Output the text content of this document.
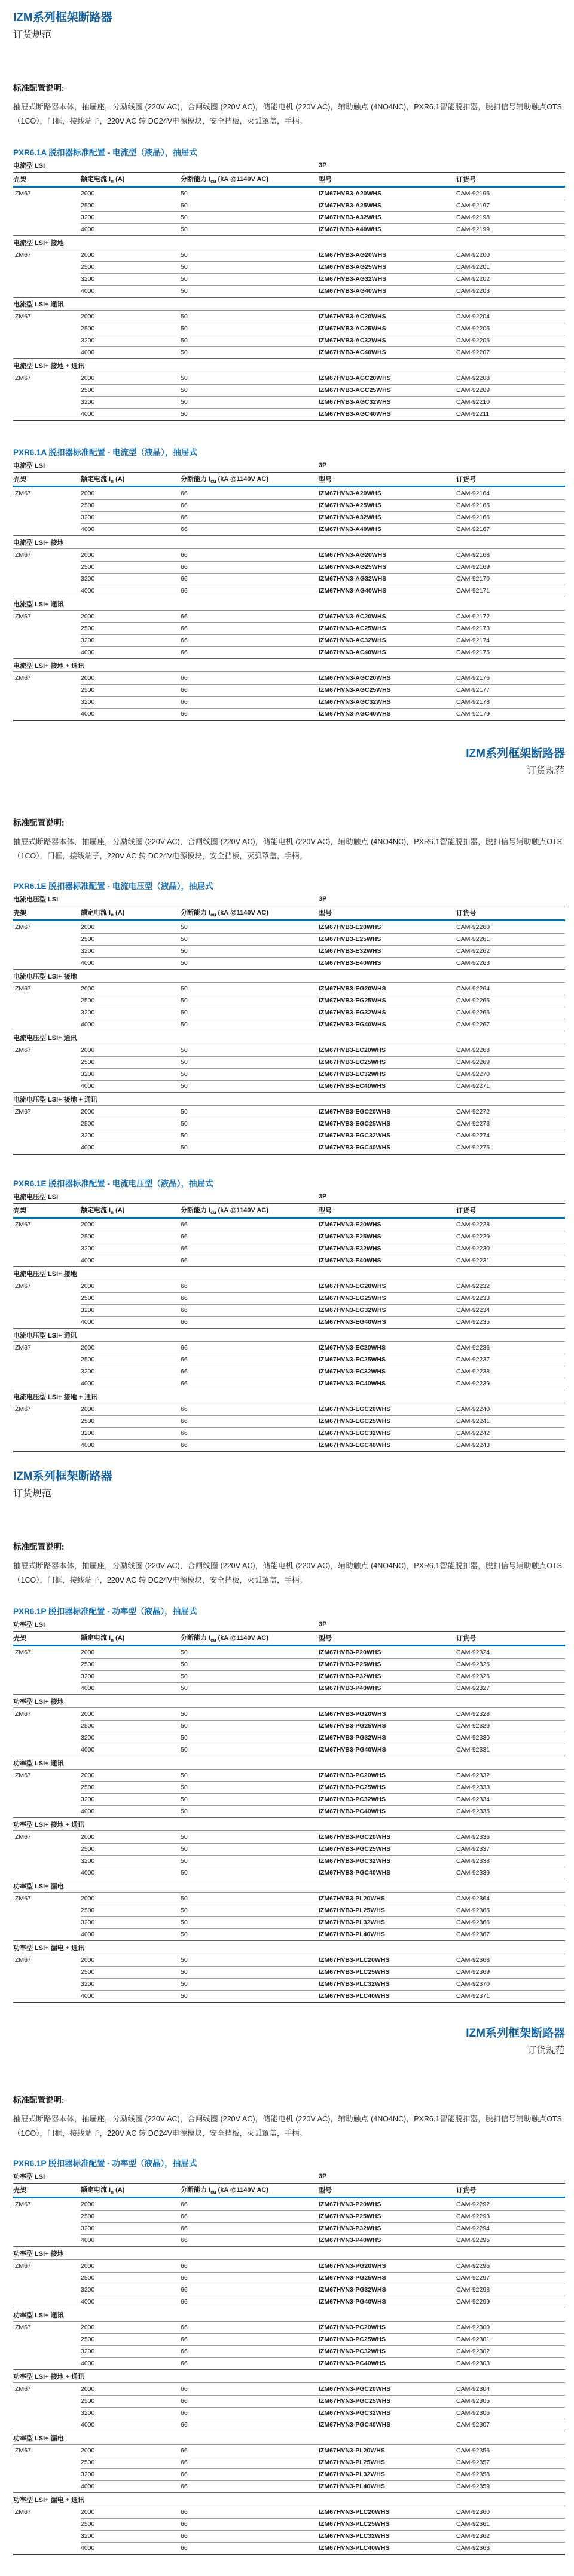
IZM系列框架断路器
订货规范
标准配置说明:
抽屉式断路器本体，抽屉座，分励线圈 (220V AC)，合闸线圈 (220V AC)，储能电机 (220V AC)，辅助触点 (4NO4NC)，PXR6.1智能脱扣器，脱扣信号辅助触点OTS（1CO），门框，接线端子，220V AC 转 DC24V电源模块，安全挡板，灭弧罩盖，手柄。
PXR6.1A 脱扣器标准配置 - 电流型（液晶），抽屉式
电流型 LSI	3P
壳架	额定电流 $I_n$ (A)	分断能力 $I_{cu}$ (kA @1140V AC)	型号	订货号
IZM67	2000	50	IZM67HVB3-A20WHS	CAM-92196
2500	50	IZM67HVB3-A25WHS	CAM-92197
3200	50	IZM67HVB3-A32WHS	CAM-92198
4000	50	IZM67HVB3-A40WHS	CAM-92199
电流型 LSI+ 接地
IZM67	2000	50	IZM67HVB3-AG20WHS	CAM-92200
2500	50	IZM67HVB3-AG25WHS	CAM-92201
3200	50	IZM67HVB3-AG32WHS	CAM-92202
4000	50	IZM67HVB3-AG40WHS	CAM-92203
电流型 LSI+ 通讯
IZM67	2000	50	IZM67HVB3-AC20WHS	CAM-92204
2500	50	IZM67HVB3-AC25WHS	CAM-92205
3200	50	IZM67HVB3-AC32WHS	CAM-92206
4000	50	IZM67HVB3-AC40WHS	CAM-92207
电流型 LSI+ 接地 + 通讯
IZM67	2000	50	IZM67HVB3-AGC20WHS	CAM-92208
2500	50	IZM67HVB3-AGC25WHS	CAM-92209
3200	50	IZM67HVB3-AGC32WHS	CAM-92210
4000	50	IZM67HVB3-AGC40WHS	CAM-92211
PXR6.1A 脱扣器标准配置 - 电流型（液晶），抽屉式
电流型 LSI	3P
壳架	额定电流 $I_n$ (A)	分断能力 $I_{cu}$ (kA @1140V AC)	型号	订货号
IZM67	2000	66	IZM67HVN3-A20WHS	CAM-92164
2500	66	IZM67HVN3-A25WHS	CAM-92165
3200	66	IZM67HVN3-A32WHS	CAM-92166
4000	66	IZM67HVN3-A40WHS	CAM-92167
电流型 LSI+ 接地
IZM67	2000	66	IZM67HVN3-AG20WHS	CAM-92168
2500	66	IZM67HVN3-AG25WHS	CAM-92169
3200	66	IZM67HVN3-AG32WHS	CAM-92170
4000	66	IZM67HVN3-AG40WHS	CAM-92171
电流型 LSI+ 通讯
IZM67	2000	66	IZM67HVN3-AC20WHS	CAM-92172
2500	66	IZM67HVN3-AC25WHS	CAM-92173
3200	66	IZM67HVN3-AC32WHS	CAM-92174
4000	66	IZM67HVN3-AC40WHS	CAM-92175
电流型 LSI+ 接地 + 通讯
IZM67	2000	66	IZM67HVN3-AGC20WHS	CAM-92176
2500	66	IZM67HVN3-AGC25WHS	CAM-92177
3200	66	IZM67HVN3-AGC32WHS	CAM-92178
4000	66	IZM67HVN3-AGC40WHS	CAM-92179
IZM系列框架断路器
订货规范
标准配置说明:
抽屉式断路器本体，抽屉座，分励线圈 (220V AC)，合闸线圈 (220V AC)，储能电机 (220V AC)，辅助触点 (4NO4NC)，PXR6.1智能脱扣器，脱扣信号辅助触点OTS（1CO），门框，接线端子，220V AC 转 DC24V电源模块，安全挡板，灭弧罩盖，手柄。
PXR6.1E 脱扣器标准配置 - 电流电压型（液晶），抽屉式
电流电压型 LSI	3P
壳架	额定电流 $I_n$ (A)	分断能力 $I_{cu}$ (kA @1140V AC)	型号	订货号
IZM67	2000	50	IZM67HVB3-E20WHS	CAM-92260
2500	50	IZM67HVB3-E25WHS	CAM-92261
3200	50	IZM67HVB3-E32WHS	CAM-92262
4000	50	IZM67HVB3-E40WHS	CAM-92263
电流电压型 LSI+ 接地
IZM67	2000	50	IZM67HVB3-EG20WHS	CAM-92264
2500	50	IZM67HVB3-EG25WHS	CAM-92265
3200	50	IZM67HVB3-EG32WHS	CAM-92266
4000	50	IZM67HVB3-EG40WHS	CAM-92267
电流电压型 LSI+ 通讯
IZM67	2000	50	IZM67HVB3-EC20WHS	CAM-92268
2500	50	IZM67HVB3-EC25WHS	CAM-92269
3200	50	IZM67HVB3-EC32WHS	CAM-92270
4000	50	IZM67HVB3-EC40WHS	CAM-92271
电流电压型 LSI+ 接地 + 通讯
IZM67	2000	50	IZM67HVB3-EGC20WHS	CAM-92272
2500	50	IZM67HVB3-EGC25WHS	CAM-92273
3200	50	IZM67HVB3-EGC32WHS	CAM-92274
4000	50	IZM67HVB3-EGC40WHS	CAM-92275
PXR6.1E 脱扣器标准配置 - 电流电压型（液晶），抽屉式
电流电压型 LSI	3P
壳架	额定电流 $I_n$ (A)	分断能力 $I_{cu}$ (kA @1140V AC)	型号	订货号
IZM67	2000	66	IZM67HVN3-E20WHS	CAM-92228
2500	66	IZM67HVN3-E25WHS	CAM-92229
3200	66	IZM67HVN3-E32WHS	CAM-92230
4000	66	IZM67HVN3-E40WHS	CAM-92231
电流电压型 LSI+ 接地
IZM67	2000	66	IZM67HVN3-EG20WHS	CAM-92232
2500	66	IZM67HVN3-EG25WHS	CAM-92233
3200	66	IZM67HVN3-EG32WHS	CAM-92234
4000	66	IZM67HVN3-EG40WHS	CAM-92235
电流电压型 LSI+ 通讯
IZM67	2000	66	IZM67HVN3-EC20WHS	CAM-92236
2500	66	IZM67HVN3-EC25WHS	CAM-92237
3200	66	IZM67HVN3-EC32WHS	CAM-92238
4000	66	IZM67HVN3-EC40WHS	CAM-92239
电流电压型 LSI+ 接地 + 通讯
IZM67	2000	66	IZM67HVN3-EGC20WHS	CAM-92240
2500	66	IZM67HVN3-EGC25WHS	CAM-92241
3200	66	IZM67HVN3-EGC32WHS	CAM-92242
4000	66	IZM67HVN3-EGC40WHS	CAM-92243
IZM系列框架断路器
订货规范
标准配置说明:
抽屉式断路器本体，抽屉座，分励线圈 (220V AC)，合闸线圈 (220V AC)，储能电机 (220V AC)，辅助触点 (4NO4NC)，PXR6.1智能脱扣器，脱扣信号辅助触点OTS（1CO），门框，接线端子，220V AC 转 DC24V电源模块，安全挡板，灭弧罩盖，手柄。
PXR6.1P 脱扣器标准配置 - 功率型（液晶），抽屉式
功率型 LSI	3P
壳架	额定电流 $I_n$ (A)	分断能力 $I_{cu}$ (kA @1140V AC)	型号	订货号
IZM67	2000	50	IZM67HVB3-P20WHS	CAM-92324
2500	50	IZM67HVB3-P25WHS	CAM-92325
3200	50	IZM67HVB3-P32WHS	CAM-92326
4000	50	IZM67HVB3-P40WHS	CAM-92327
功率型 LSI+ 接地
IZM67	2000	50	IZM67HVB3-PG20WHS	CAM-92328
2500	50	IZM67HVB3-PG25WHS	CAM-92329
3200	50	IZM67HVB3-PG32WHS	CAM-92330
4000	50	IZM67HVB3-PG40WHS	CAM-92331
功率型 LSI+ 通讯
IZM67	2000	50	IZM67HVB3-PC20WHS	CAM-92332
2500	50	IZM67HVB3-PC25WHS	CAM-92333
3200	50	IZM67HVB3-PC32WHS	CAM-92334
4000	50	IZM67HVB3-PC40WHS	CAM-92335
功率型 LSI+ 接地 + 通讯
IZM67	2000	50	IZM67HVB3-PGC20WHS	CAM-92336
2500	50	IZM67HVB3-PGC25WHS	CAM-92337
3200	50	IZM67HVB3-PGC32WHS	CAM-92338
4000	50	IZM67HVB3-PGC40WHS	CAM-92339
功率型 LSI+ 漏电
IZM67	2000	50	IZM67HVB3-PL20WHS	CAM-92364
2500	50	IZM67HVB3-PL25WHS	CAM-92365
3200	50	IZM67HVB3-PL32WHS	CAM-92366
4000	50	IZM67HVB3-PL40WHS	CAM-92367
功率型 LSI+ 漏电 + 通讯
IZM67	2000	50	IZM67HVB3-PLC20WHS	CAM-92368
2500	50	IZM67HVB3-PLC25WHS	CAM-92369
3200	50	IZM67HVB3-PLC32WHS	CAM-92370
4000	50	IZM67HVB3-PLC40WHS	CAM-92371
IZM系列框架断路器
订货规范
标准配置说明:
抽屉式断路器本体，抽屉座，分励线圈 (220V AC)，合闸线圈 (220V AC)，储能电机 (220V AC)，辅助触点 (4NO4NC)，PXR6.1智能脱扣器，脱扣信号辅助触点OTS（1CO），门框，接线端子，220V AC 转 DC24V电源模块，安全挡板，灭弧罩盖，手柄。
PXR6.1P 脱扣器标准配置 - 功率型（液晶），抽屉式
功率型 LSI	3P
壳架	额定电流 $I_n$ (A)	分断能力 $I_{cu}$ (kA @1140V AC)	型号	订货号
IZM67	2000	66	IZM67HVN3-P20WHS	CAM-92292
2500	66	IZM67HVN3-P25WHS	CAM-92293
3200	66	IZM67HVN3-P32WHS	CAM-92294
4000	66	IZM67HVN3-P40WHS	CAM-92295
功率型 LSI+ 接地
IZM67	2000	66	IZM67HVN3-PG20WHS	CAM-92296
2500	66	IZM67HVN3-PG25WHS	CAM-92297
3200	66	IZM67HVN3-PG32WHS	CAM-92298
4000	66	IZM67HVN3-PG40WHS	CAM-92299
功率型 LSI+ 通讯
IZM67	2000	66	IZM67HVN3-PC20WHS	CAM-92300
2500	66	IZM67HVN3-PC25WHS	CAM-92301
3200	66	IZM67HVN3-PC32WHS	CAM-92302
4000	66	IZM67HVN3-PC40WHS	CAM-92303
功率型 LSI+ 接地 + 通讯
IZM67	2000	66	IZM67HVN3-PGC20WHS	CAM-92304
2500	66	IZM67HVN3-PGC25WHS	CAM-92305
3200	66	IZM67HVN3-PGC32WHS	CAM-92306
4000	66	IZM67HVN3-PGC40WHS	CAM-92307
功率型 LSI+ 漏电
IZM67	2000	66	IZM67HVN3-PL20WHS	CAM-92356
2500	66	IZM67HVN3-PL25WHS	CAM-92357
3200	66	IZM67HVN3-PL32WHS	CAM-92358
4000	66	IZM67HVN3-PL40WHS	CAM-92359
功率型 LSI+ 漏电 + 通讯
IZM67	2000	66	IZM67HVN3-PLC20WHS	CAM-92360
2500	66	IZM67HVN3-PLC25WHS	CAM-92361
3200	66	IZM67HVN3-PLC32WHS	CAM-92362
4000	66	IZM67HVN3-PLC40WHS	CAM-92363
